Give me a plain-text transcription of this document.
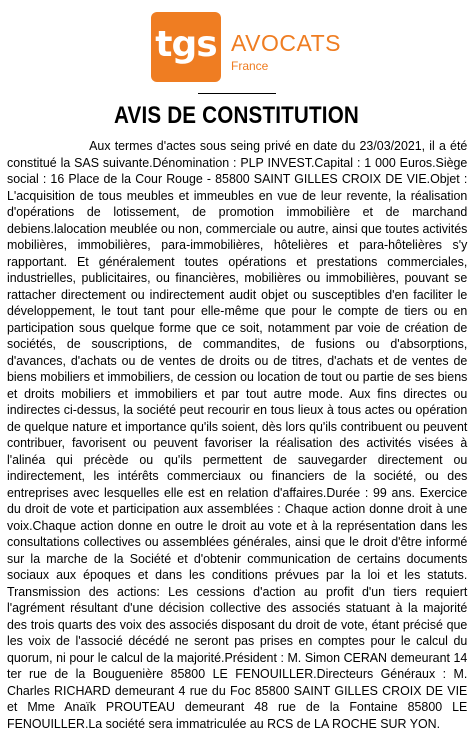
tgs AVOCATS
France
AVIS DE CONSTITUTION
Aux termes d'actes sous seing privé en date du 23/03/2021, il a été constitué la SAS suivante.Dénomination : PLP INVEST.Capital : 1 000 Euros.Siège social : 16 Place de la Cour Rouge - 85800 SAINT GILLES CROIX DE VIE.Objet : L'acquisition de tous meubles et immeubles en vue de leur revente, la réalisation d'opérations de lotissement, de promotion immobilière et de marchand debiens.lalocation meublée ou non, commerciale ou autre, ainsi que toutes activités mobilières, immobilières, para-immobilières, hôtelières et para-hôtelières s'y rapportant. Et généralement toutes opérations et prestations commerciales, industrielles, publicitaires, ou financières, mobilières ou immobilières, pouvant se rattacher directement ou indirectement audit objet ou susceptibles d'en faciliter le développement, le tout tant pour elle-même que pour le compte de tiers ou en participation sous quelque forme que ce soit, notamment par voie de création de sociétés, de souscriptions, de commandites, de fusions ou d'absorptions, d'avances, d'achats ou de ventes de droits ou de titres, d'achats et de ventes de biens mobiliers et immobiliers, de cession ou location de tout ou partie de ses biens et droits mobiliers et immobiliers et par tout autre mode. Aux fins directes ou indirectes ci-dessus, la société peut recourir en tous lieux à tous actes ou opération de quelque nature et importance qu'ils soient, dès lors qu'ils contribuent ou peuvent contribuer, favorisent ou peuvent favoriser la réalisation des activités visées à l'alinéa qui précède ou qu'ils permettent de sauvegarder directement ou indirectement, les intérêts commerciaux ou financiers de la société, ou des entreprises avec lesquelles elle est en relation d'affaires.Durée : 99 ans. Exercice du droit de vote et participation aux assemblées : Chaque action donne droit à une voix.Chaque action donne en outre le droit au vote et à la représentation dans les consultations collectives ou assemblées générales, ainsi que le droit d'être informé sur la marche de la Société et d'obtenir communication de certains documents sociaux aux époques et dans les conditions prévues par la loi et les statuts. Transmission des actions: Les cessions d'action au profit d'un tiers requiert l'agrément résultant d'une décision collective des associés statuant à la majorité des trois quarts des voix des associés disposant du droit de vote, étant précisé que les voix de l'associé décédé ne seront pas prises en comptes pour le calcul du quorum, ni pour le calcul de la majorité.Président : M. Simon CERAN demeurant 14 ter rue de la Bouguenière 85800 LE FENOUILLER.Directeurs Généraux : M. Charles RICHARD demeurant 4 rue du Foc 85800 SAINT GILLES CROIX DE VIE et Mme Anaïk PROUTEAU demeurant 48 rue de la Fontaine 85800 LE FENOUILLER.La société sera immatriculée au RCS de LA ROCHE SUR YON.
